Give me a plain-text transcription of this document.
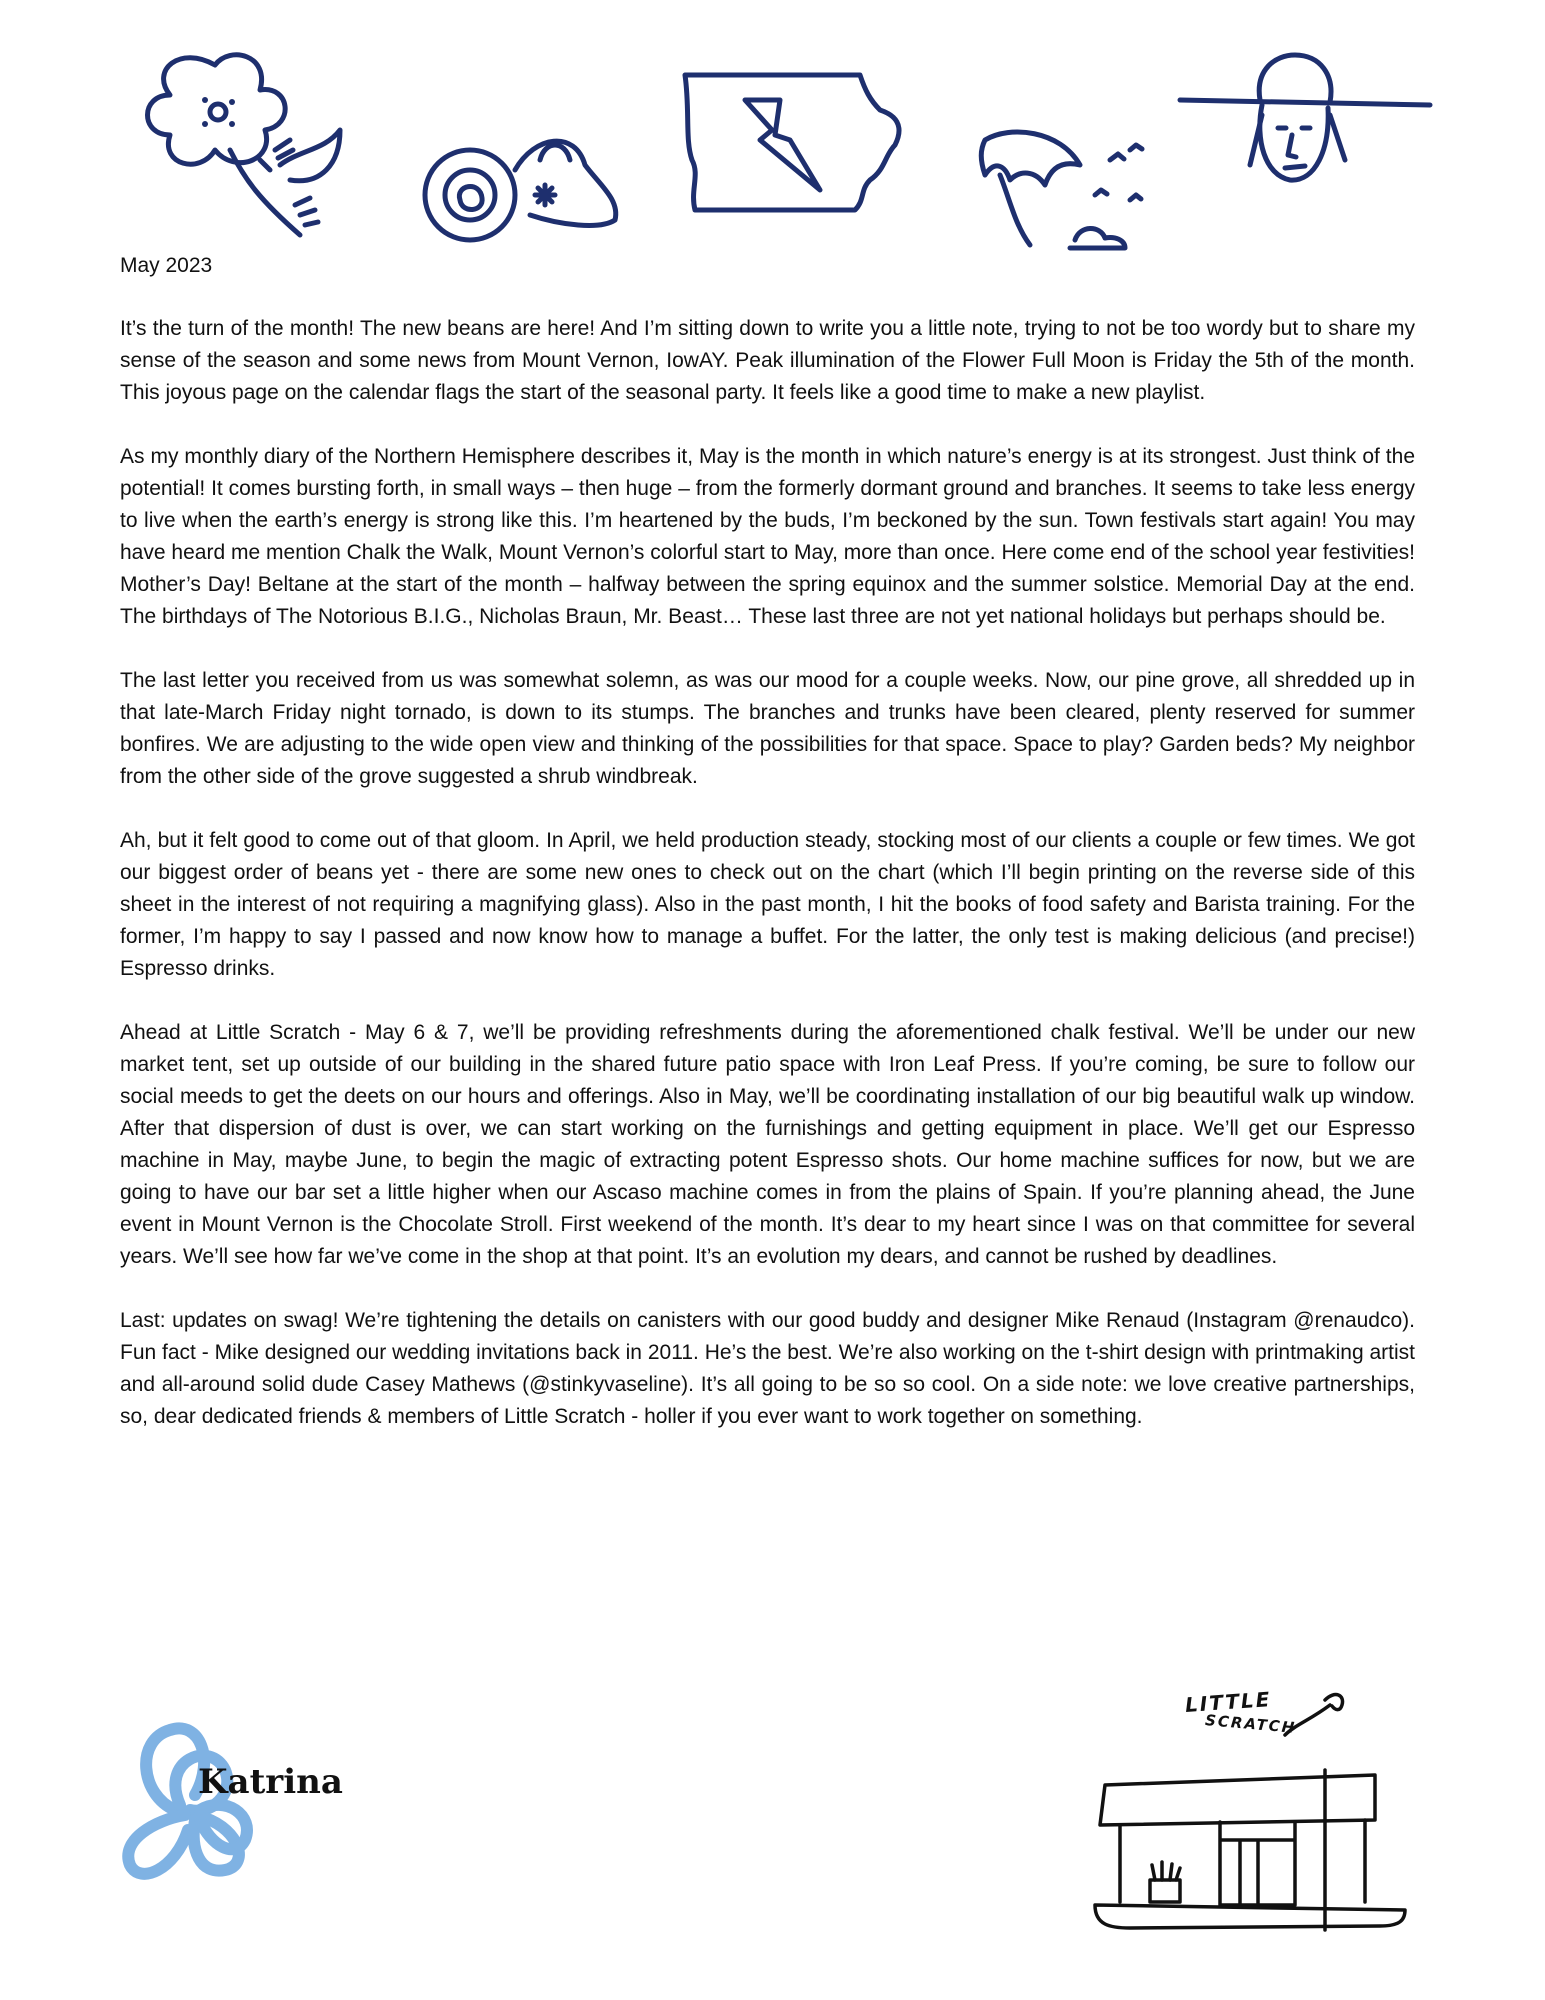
May 2023

It’s the turn of the month! The new beans are here! And I’m sitting down to write you a little note, trying to not be too wordy but to share my sense of the season and some news from Mount Vernon, IowAY. Peak illumination of the Flower Full Moon is Friday the 5th of the month. This joyous page on the calendar flags the start of the seasonal party. It feels like a good time to make a new playlist.

As my monthly diary of the Northern Hemisphere describes it, May is the month in which nature’s energy is at its strongest. Just think of the potential! It comes bursting forth, in small ways – then huge – from the formerly dormant ground and branches. It seems to take less energy to live when the earth’s energy is strong like this. I’m heartened by the buds, I’m beckoned by the sun. Town festivals start again! You may have heard me mention Chalk the Walk, Mount Vernon’s colorful start to May, more than once. Here come end of the school year festivities! Mother’s Day! Beltane at the start of the month – halfway between the spring equinox and the summer solstice. Memorial Day at the end. The birthdays of The Notorious B.I.G., Nicholas Braun, Mr. Beast… These last three are not yet national holidays but perhaps should be.

The last letter you received from us was somewhat solemn, as was our mood for a couple weeks. Now, our pine grove, all shredded up in that late-March Friday night tornado, is down to its stumps. The branches and trunks have been cleared, plenty reserved for summer bonfires. We are adjusting to the wide open view and thinking of the possibilities for that space. Space to play? Garden beds? My neighbor from the other side of the grove suggested a shrub windbreak.

Ah, but it felt good to come out of that gloom. In April, we held production steady, stocking most of our clients a couple or few times. We got our biggest order of beans yet - there are some new ones to check out on the chart (which I’ll begin printing on the reverse side of this sheet in the interest of not requiring a magnifying glass). Also in the past month, I hit the books of food safety and Barista training. For the former, I’m happy to say I passed and now know how to manage a buffet. For the latter, the only test is making delicious (and precise!) Espresso drinks.

Ahead at Little Scratch - May 6 & 7, we’ll be providing refreshments during the aforementioned chalk festival. We’ll be under our new market tent, set up outside of our building in the shared future patio space with Iron Leaf Press. If you’re coming, be sure to follow our social meeds to get the deets on our hours and offerings. Also in May, we’ll be coordinating installation of our big beautiful walk up window. After that dispersion of dust is over, we can start working on the furnishings and getting equipment in place. We’ll get our Espresso machine in May, maybe June, to begin the magic of extracting potent Espresso shots. Our home machine suffices for now, but we are going to have our bar set a little higher when our Ascaso machine comes in from the plains of Spain. If you’re planning ahead, the June event in Mount Vernon is the Chocolate Stroll. First weekend of the month. It’s dear to my heart since I was on that committee for several years. We’ll see how far we’ve come in the shop at that point. It’s an evolution my dears, and cannot be rushed by deadlines.

Last: updates on swag! We’re tightening the details on canisters with our good buddy and designer Mike Renaud (Instagram @renaudco). Fun fact - Mike designed our wedding invitations back in 2011. He’s the best. We’re also working on the t-shirt design with printmaking artist and all-around solid dude Casey Mathews (@stinkyvaseline). It’s all going to be so so cool. On a side note: we love creative partnerships, so, dear dedicated friends & members of Little Scratch - holler if you ever want to work together on something.

Katrina

LITTLE

SCRATCH
